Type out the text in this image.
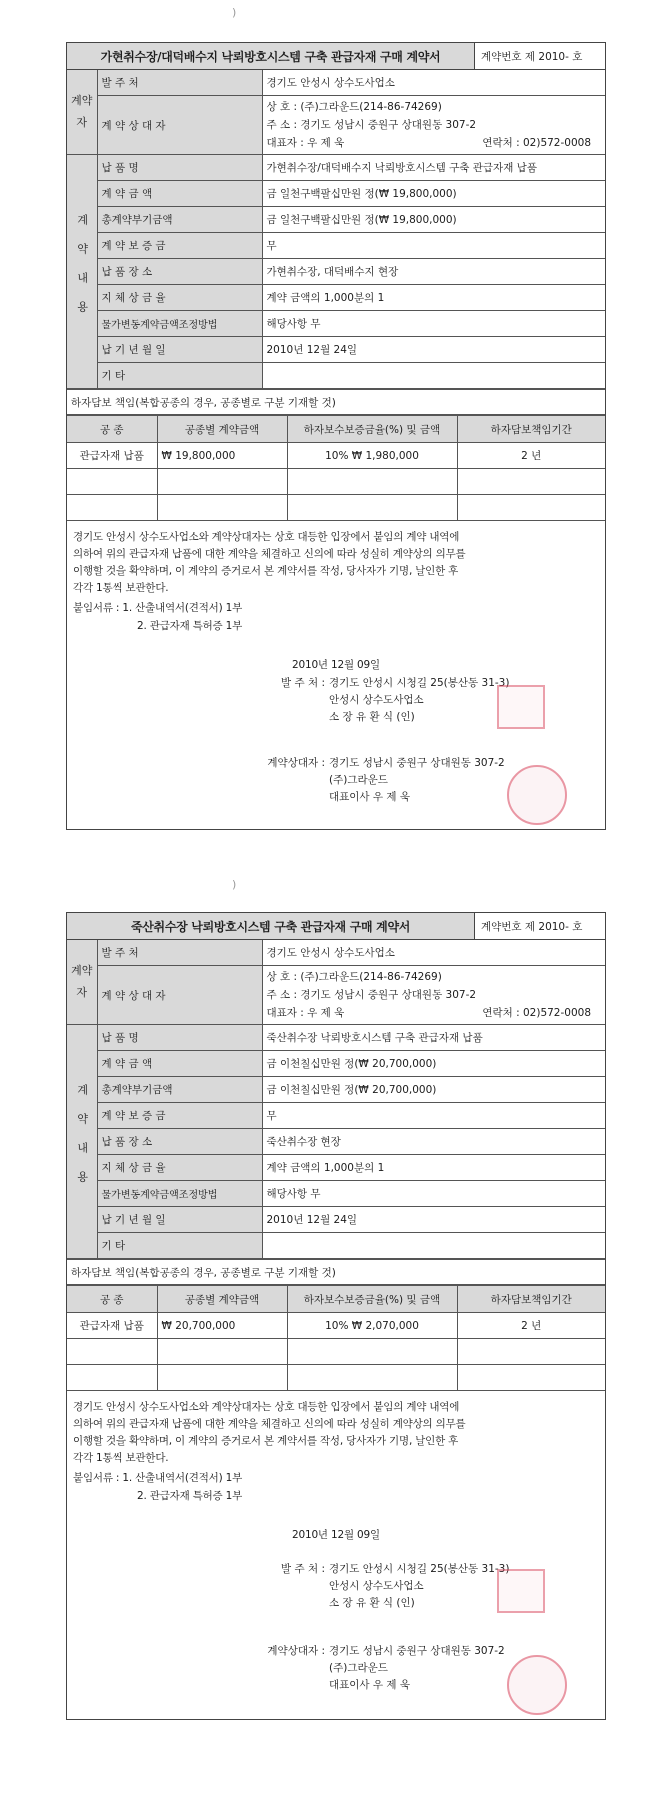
)
)
가현취수장/대덕배수지 낙뢰방호시스템 구축 관급자재 구매 계약서	계약번호 제 2010- 호
계약자	발 주 처	경기도 안성시 상수도사업소

계 약 상 대 자	상 호 : (주)그라운드(214-86-74269)
주 소 : 경기도 성남시 중원구 상대원동 307-2
대표자 : 우 제 욱 연락처 : 02)572-0008

계약내용	납 품 명	가현취수장/대덕배수지 낙뢰방호시스템 구축 관급자재 납품
	계 약 금 액	금 일천구백팔십만원 정(₩ 19,800,000)
	총계약부기금액	금 일천구백팔십만원 정(₩ 19,800,000)
	계 약 보 증 금	무
	납 품 장 소	가현취수장, 대덕배수지 현장
	지 체 상 금 율	계약 금액의 1,000분의 1
	물가변동계약금액조정방법	해당사항 무
	납 기 년 월 일	2010년 12월 24일
	기 타	
하자담보 책임(복합공종의 경우, 공종별로 구분 기재할 것)
공 종	공종별 계약금액	하자보수보증금율(%) 및 금액	하자담보책임기간
관급자재 납품	₩ 19,800,000	10% ₩ 1,980,000	2 년

경기도 안성시 상수도사업소와 계약상대자는 상호 대등한 입장에서 붙임의 계약 내역에

의하여 위의 관급자재 납품에 대한 계약을 체결하고 신의에 따라 성실히 계약상의 의무를

이행할 것을 확약하며, 이 계약의 증거로서 본 계약서를 작성, 당사자가 기명, 날인한 후

각각 1통씩 보관한다.

붙임서류 : 1. 산출내역서(견적서) 1부
2. 관급자재 특허증 1부
2010년 12월 09일
발 주 처 : 경기도 안성시 시청길 25(봉산동 31-3)
안성시 상수도사업소
소 장 유 환 식 (인)
계약상대자 : 경기도 성남시 중원구 상대원동 307-2
(주)그라운드
대표이사 우 제 욱
죽산취수장 낙뢰방호시스템 구축 관급자재 구매 계약서	계약번호 제 2010- 호
계약자	발 주 처	경기도 안성시 상수도사업소

계 약 상 대 자	상 호 : (주)그라운드(214-86-74269)
주 소 : 경기도 성남시 중원구 상대원동 307-2
대표자 : 우 제 욱 연락처 : 02)572-0008

계약내용	납 품 명	죽산취수장 낙뢰방호시스템 구축 관급자재 납품
	계 약 금 액	금 이천칠십만원 정(₩ 20,700,000)
	총계약부기금액	금 이천칠십만원 정(₩ 20,700,000)
	계 약 보 증 금	무
	납 품 장 소	죽산취수장 현장
	지 체 상 금 율	계약 금액의 1,000분의 1
	물가변동계약금액조정방법	해당사항 무
	납 기 년 월 일	2010년 12월 24일
	기 타	
하자담보 책임(복합공종의 경우, 공종별로 구분 기재할 것)
공 종	공종별 계약금액	하자보수보증금율(%) 및 금액	하자담보책임기간
관급자재 납품	₩ 20,700,000	10% ₩ 2,070,000	2 년

경기도 안성시 상수도사업소와 계약상대자는 상호 대등한 입장에서 붙임의 계약 내역에

의하여 위의 관급자재 납품에 대한 계약을 체결하고 신의에 따라 성실히 계약상의 의무를

이행할 것을 확약하며, 이 계약의 증거로서 본 계약서를 작성, 당사자가 기명, 날인한 후

각각 1통씩 보관한다.

붙임서류 : 1. 산출내역서(견적서) 1부
2. 관급자재 특허증 1부
2010년 12월 09일
발 주 처 : 경기도 안성시 시청길 25(봉산동 31-3)
안성시 상수도사업소
소 장 유 환 식 (인)
계약상대자 : 경기도 성남시 중원구 상대원동 307-2
(주)그라운드
대표이사 우 제 욱
